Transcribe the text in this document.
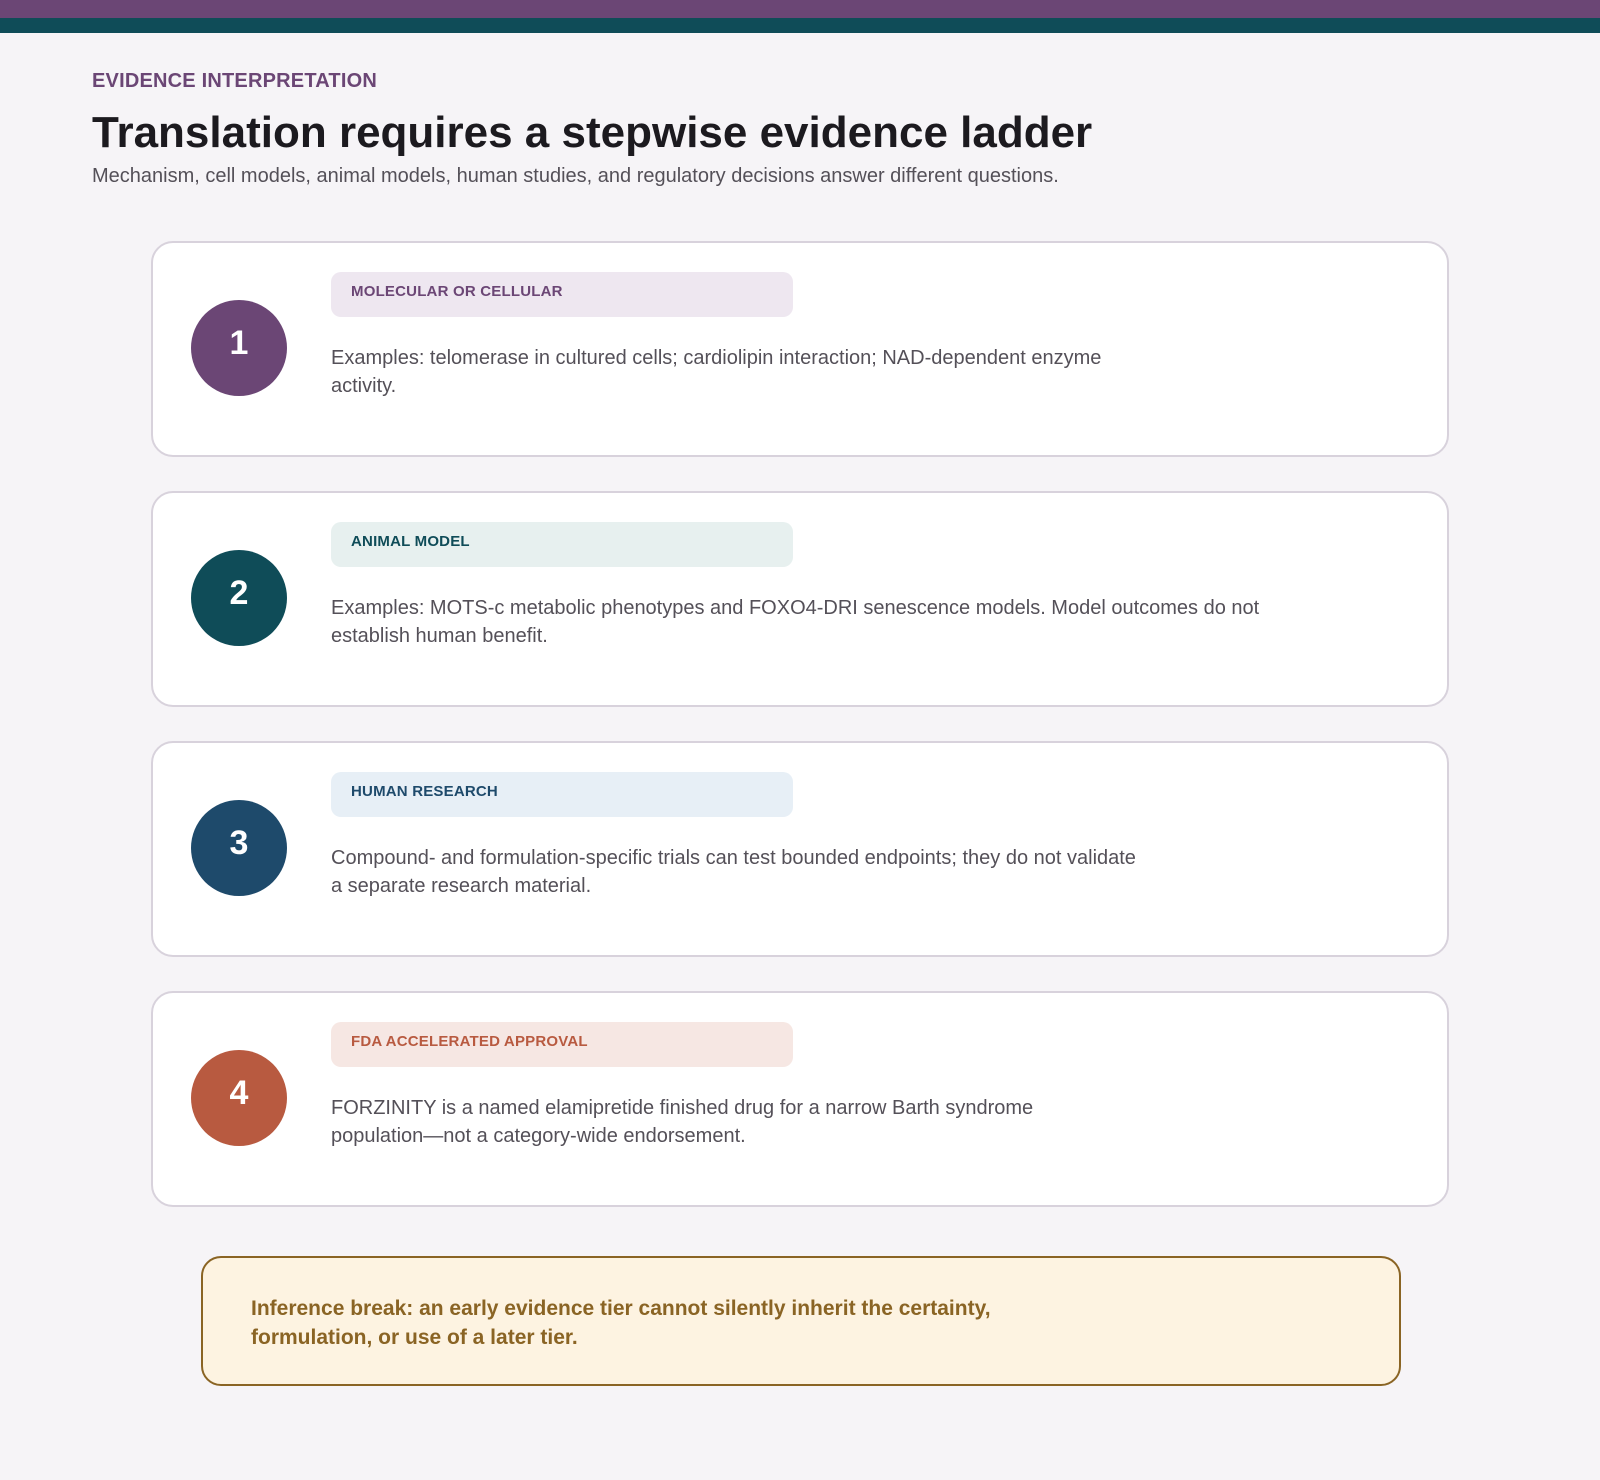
EVIDENCE INTERPRETATION
Translation requires a stepwise evidence ladder
Mechanism, cell models, animal models, human studies, and regulatory decisions answer different questions.
1
MOLECULAR OR CELLULAR
Examples: telomerase in cultured cells; cardiolipin interaction; NAD-dependent enzyme activity.
2
ANIMAL MODEL
Examples: MOTS-c metabolic phenotypes and FOXO4-DRI senescence models. Model outcomes do not establish human benefit.
3
HUMAN RESEARCH
Compound- and formulation-specific trials can test bounded endpoints; they do not validate a separate research material.
4
FDA ACCELERATED APPROVAL
FORZINITY is a named elamipretide finished drug for a narrow Barth syndrome population—not a category-wide endorsement.
Inference break: an early evidence tier cannot silently inherit the certainty, formulation, or use of a later tier.
